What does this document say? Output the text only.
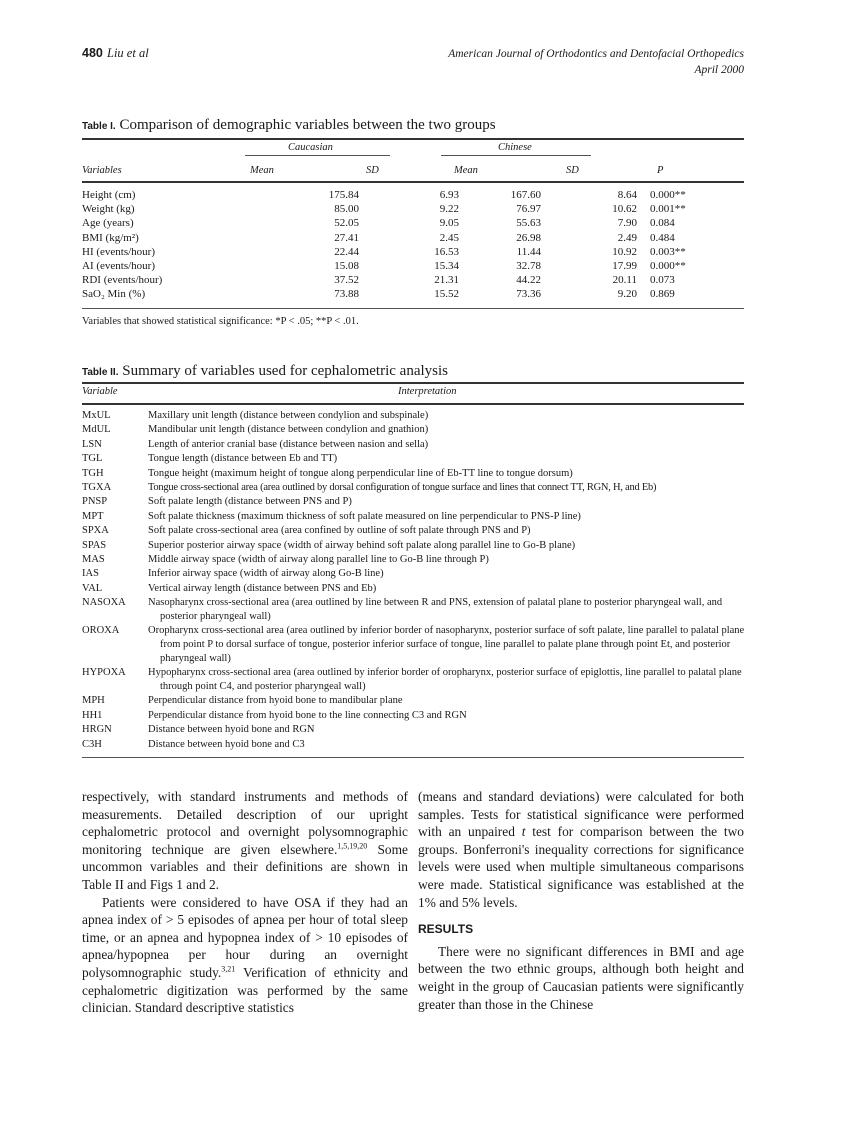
480 Liu et al	American Journal of Orthodontics and Dentofacial Orthopedics
April 2000
Table I. Comparison of demographic variables between the two groups
Caucasian	Chinese
Variables	Mean	SD	Mean	SD	P
Height (cm)	175.84	6.93	167.60	8.64 0.000**
Weight (kg)	85.00	9.22	76.97	10.62 0.001**
Age (years)	52.05	9.05	55.63	7.90 0.084
BMI (kg/m²)	27.41	2.45	26.98	2.49 0.484
HI (events/hour)	22.44	16.53	11.44	10.92 0.003**
AI (events/hour)	15.08	15.34	32.78	17.99 0.000**
RDI (events/hour)	37.52	21.31	44.22	20.11 0.073
SaO₂ Min (%)	73.88	15.52	73.36	9.20 0.869
Variables that showed statistical significance: *P < .05; **P < .01.
Table II. Summary of variables used for cephalometric analysis
Variable	Interpretation
MxUL	Maxillary unit length (distance between condylion and subspinale)
MdUL	Mandibular unit length (distance between condylion and gnathion)
LSN	Length of anterior cranial base (distance between nasion and sella)
TGL	Tongue length (distance between Eb and TT)
TGH	Tongue height (maximum height of tongue along perpendicular line of Eb-TT line to tongue dorsum)
TGXA	Tongue cross-sectional area (area outlined by dorsal configuration of tongue surface and lines that connect TT, RGN, H, and Eb)
PNSP	Soft palate length (distance between PNS and P)
MPT	Soft palate thickness (maximum thickness of soft palate measured on line perpendicular to PNS-P line)
SPXA	Soft palate cross-sectional area (area confined by outline of soft palate through PNS and P)
SPAS	Superior posterior airway space (width of airway behind soft palate along parallel line to Go-B plane)
MAS	Middle airway space (width of airway along parallel line to Go-B line through P)
IAS	Inferior airway space (width of airway along Go-B line)
VAL	Vertical airway length (distance between PNS and Eb)
NASOXA	Nasopharynx cross-sectional area (area outlined by line between R and PNS, extension of palatal plane to posterior pharyngeal wall, and posterior pharyngeal wall)
OROXA	Oropharynx cross-sectional area (area outlined by inferior border of nasopharynx, posterior surface of soft palate, line parallel to palatal plane from point P to dorsal surface of tongue, posterior inferior surface of tongue, line parallel to palate plane through point Et, and posterior pharyngeal wall)
HYPOXA	Hypopharynx cross-sectional area (area outlined by inferior border of oropharynx, posterior surface of epiglottis, line parallel to palatal plane through point C4, and posterior pharyngeal wall)
MPH	Perpendicular distance from hyoid bone to mandibular plane
HH1	Perpendicular distance from hyoid bone to the line connecting C3 and RGN
HRGN	Distance between hyoid bone and RGN
C3H	Distance between hyoid bone and C3

respectively, with standard instruments and methods of measurements. Detailed description of our upright cephalometric protocol and overnight polysomnographic monitoring technique are given elsewhere.$^{1,5,19,20}$ Some uncommon variables and their definitions are shown in Table II and Figs 1 and 2.

Patients were considered to have OSA if they had an apnea index of > 5 episodes of apnea per hour of total sleep time, or an apnea and hypopnea index of > 10 episodes of apnea/hypopnea per hour during an overnight polysomnographic study.$^{3,21}$ Verification of ethnicity and cephalometric digitization was performed by the same clinician. Standard descriptive statistics

(means and standard deviations) were calculated for both samples. Tests for statistical significance were performed with an unpaired t test for comparison between the two groups. Bonferroni's inequality corrections for significance levels were used when multiple simultaneous comparisons were made. Statistical significance was established at the 1% and 5% levels.

RESULTS

There were no significant differences in BMI and age between the two ethnic groups, although both height and weight in the group of Caucasian patients were significantly greater than those in the Chinese
